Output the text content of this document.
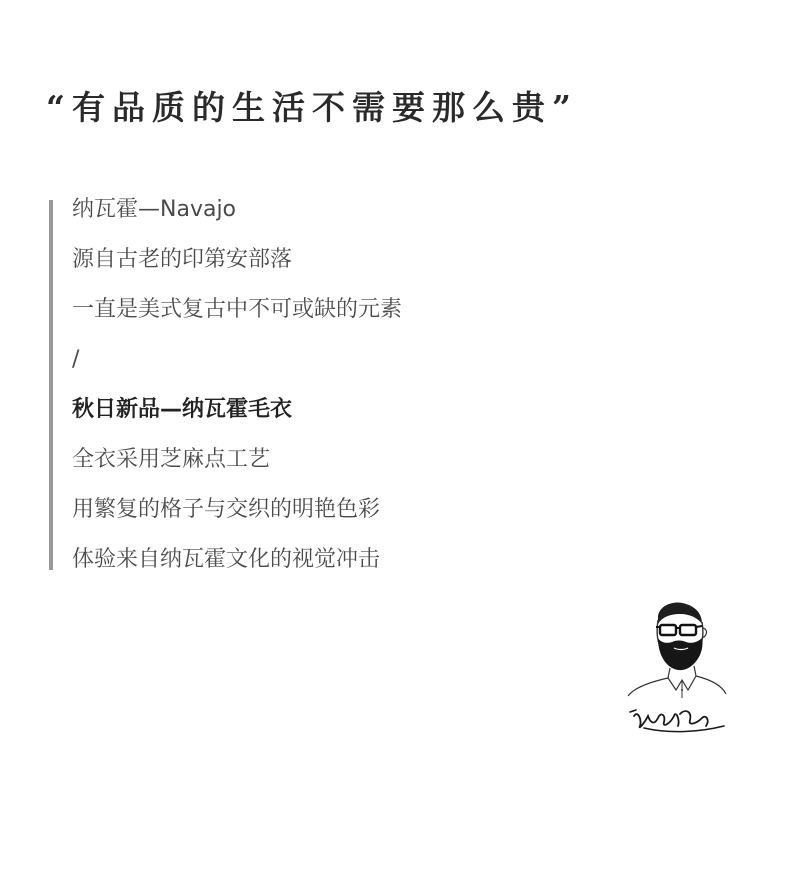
“有品质的生活不需要那么贵”
纳瓦霍—Navajo
源自古老的印第安部落
一直是美式复古中不可或缺的元素
/
秋日新品—纳瓦霍毛衣
全衣采用芝麻点工艺
用繁复的格子与交织的明艳色彩
体验来自纳瓦霍文化的视觉冲击
